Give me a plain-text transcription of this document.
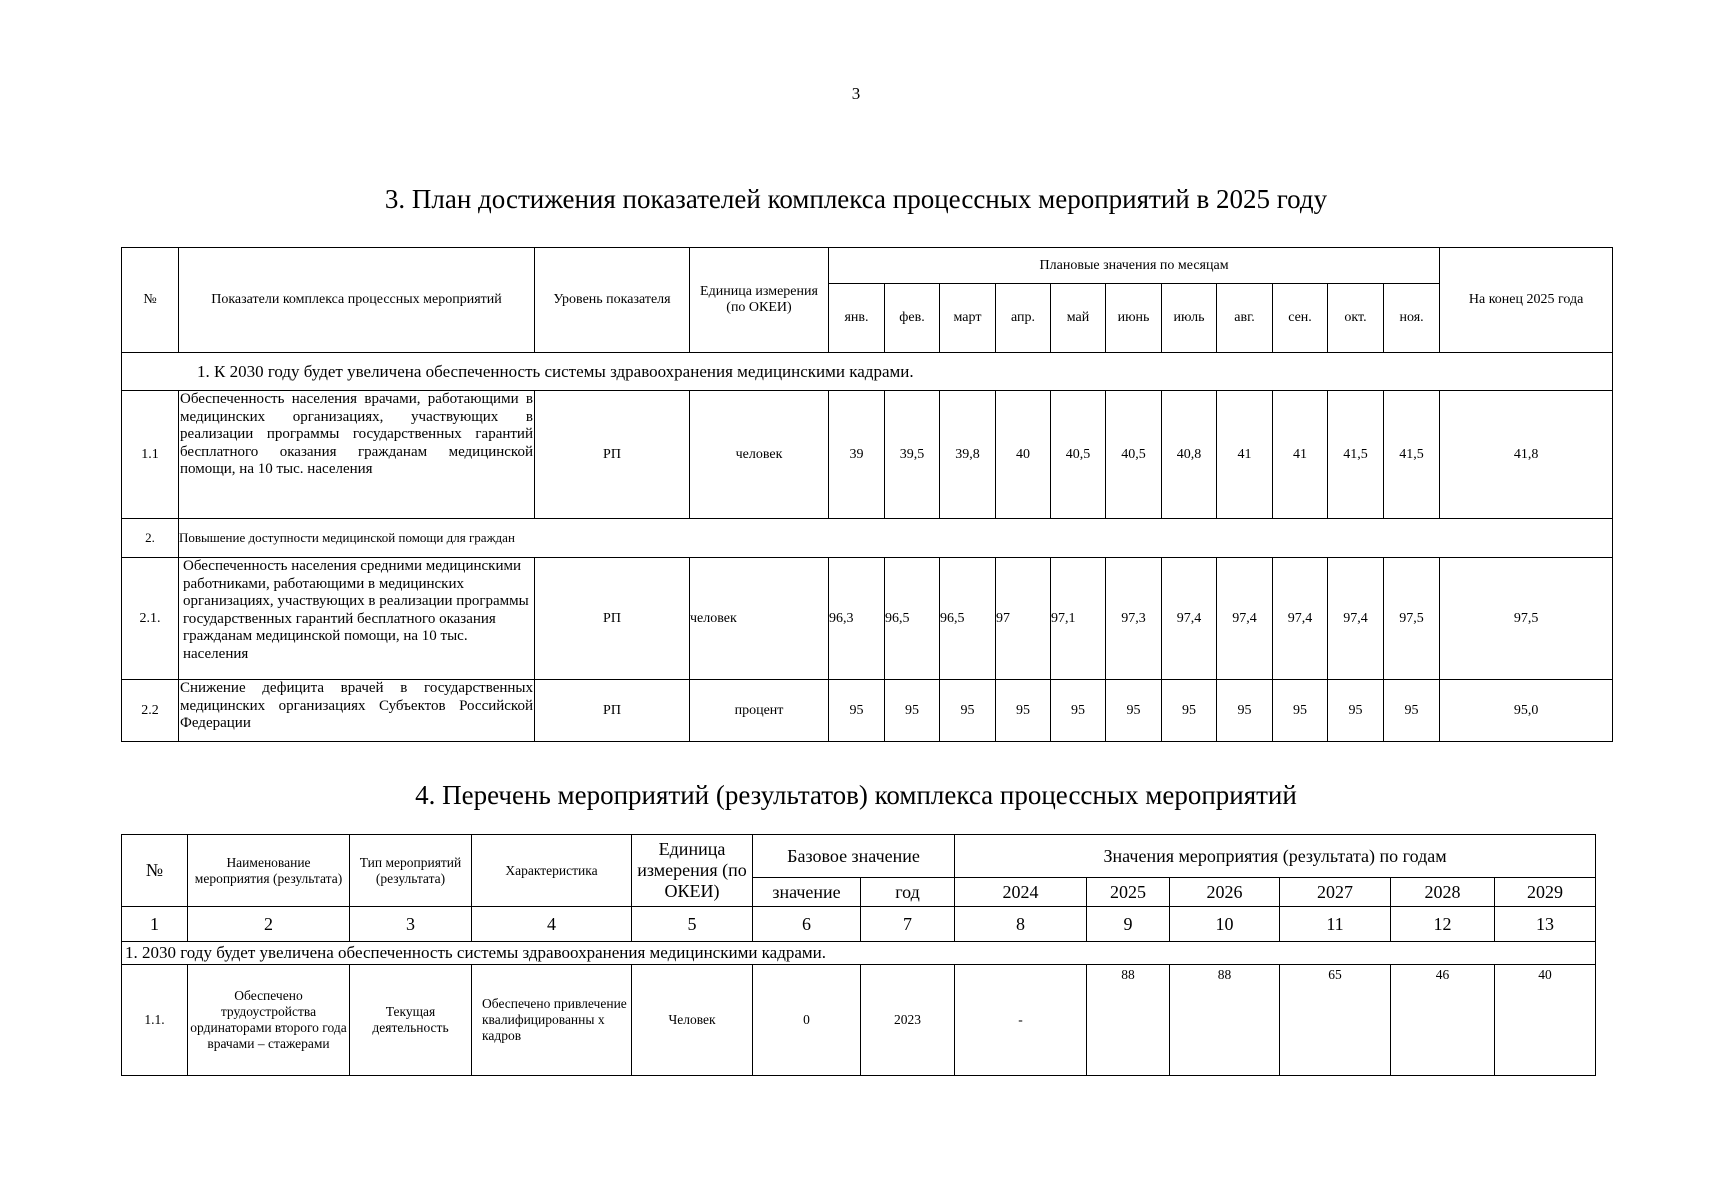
3
3. План достижения показателей комплекса процессных мероприятий в 2025 году
№	Показатели комплекса процессных мероприятий	Уровень показателя	Единица измерения (по ОКЕИ)	Плановые значения по месяцам											На конец 2025 года
				янв.	фев.	март	апр.	май	июнь	июль	авг.	сен.	окт.	ноя.	
1. К 2030 году будет увеличена обеспеченность системы здравоохранения медицинскими кадрами.															
1.1	Обеспеченность населения врачами, работающими в медицинских организациях, участвующих в реализации программы государственных гарантий бесплатного оказания гражданам медицинской помощи, на 10 тыс. населения	РП	человек	39	39,5	39,8	40	40,5	40,5	40,8	41	41	41,5	41,5	41,8
2.	Повышение доступности медицинской помощи для граждан														
2.1.	Обеспеченность населения средними медицинскими работниками, работающими в медицинских организациях, участвующих в реализации программы государственных гарантий бесплатного оказания гражданам медицинской помощи, на 10 тыс. населения	РП	человек	96,3	96,5	96,5	97	97,1	97,3	97,4	97,4	97,4	97,4	97,5	97,5
2.2	Снижение дефицита врачей в государственных медицинских организациях Субъектов Российской Федерации	РП	процент	95	95	95	95	95	95	95	95	95	95	95	95,0
4. Перечень мероприятий (результатов) комплекса процессных мероприятий
№	Наименование мероприятия (результата)	Тип мероприятий (результата)	Характеристика	Единица измерения (по ОКЕИ)	Базовое значение		Значения мероприятия (результата) по годам					
					значение	год	2024	2025	2026	2027	2028	2029
1	2	3	4	5	6	7	8	9	10	11	12	13
1. 2030 году будет увеличена обеспеченность системы здравоохранения медицинскими кадрами.												
1.1.	Обеспечено трудоустройства ординаторами второго года врачами – стажерами	Текущая деятельность	Обеспечено привлечение квалифицированны х кадров	Человек	0	2023	-	88	88	65	46	40
